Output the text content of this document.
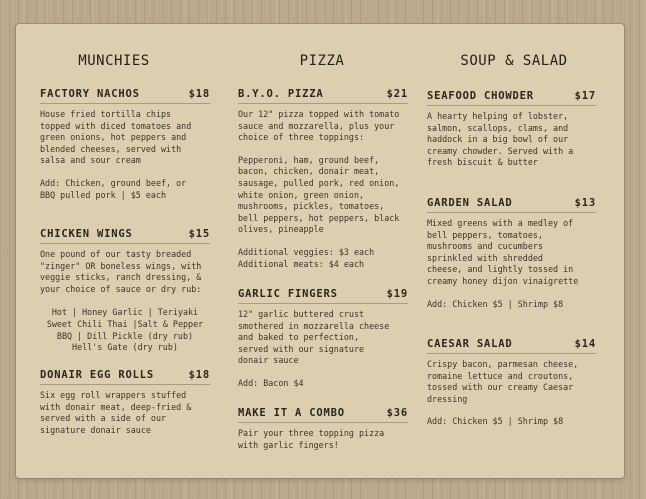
MUNCHIES	PIZZA	SOUP & SALAD
FACTORY NACHOS	$18

House fried tortilla chips
topped with diced tomatoes and
green onions, hot peppers and
blended cheeses, served with
salsa and sour cream

Add: Chicken, ground beef, or
BBQ pulled pork | $5 each

CHICKEN WINGS	$15

One pound of our tasty breaded
"zinger" OR boneless wings, with
veggie sticks, ranch dressing, &
your choice of sauce or dry rub:

Hot | Honey Garlic | Teriyaki
Sweet Chili Thai |Salt & Pepper
BBQ | Dill Pickle (dry rub)
Hell's Gate (dry rub)

DONAIR EGG ROLLS	$18

Six egg roll wrappers stuffed
with donair meat, deep-fried &
served with a side of our
signature donair sauce

B.Y.O. PIZZA	$21

Our 12" pizza topped with tomato
sauce and mozzarella, plus your
choice of three toppings:

Pepperoni, ham, ground beef,
bacon, chicken, donair meat,
sausage, pulled pork, red onion,
white onion, green onion,
mushrooms, pickles, tomatoes,
bell peppers, hot peppers, black
olives, pineapple

Additional veggies: $3 each
Additional meats: $4 each

GARLIC FINGERS	$19

12" garlic buttered crust
smothered in mozzarella cheese
and baked to perfection,
served with our signature
donair sauce

Add: Bacon $4

MAKE IT A COMBO	$36

Pair your three topping pizza
with garlic fingers!

SEAFOOD CHOWDER	$17

A hearty helping of lobster,
salmon, scallops, clams, and
haddock in a big bowl of our
creamy chowder. Served with a
fresh biscuit & butter

GARDEN SALAD	$13

Mixed greens with a medley of
bell peppers, tomatoes,
mushrooms and cucumbers
sprinkled with shredded
cheese, and lightly tossed in
creamy honey dijon vinaigrette

Add: Chicken $5 | Shrimp $8

CAESAR SALAD	$14

Crispy bacon, parmesan cheese,
romaine lettuce and croutons,
tossed with our creamy Caesar
dressing

Add: Chicken $5 | Shrimp $8
